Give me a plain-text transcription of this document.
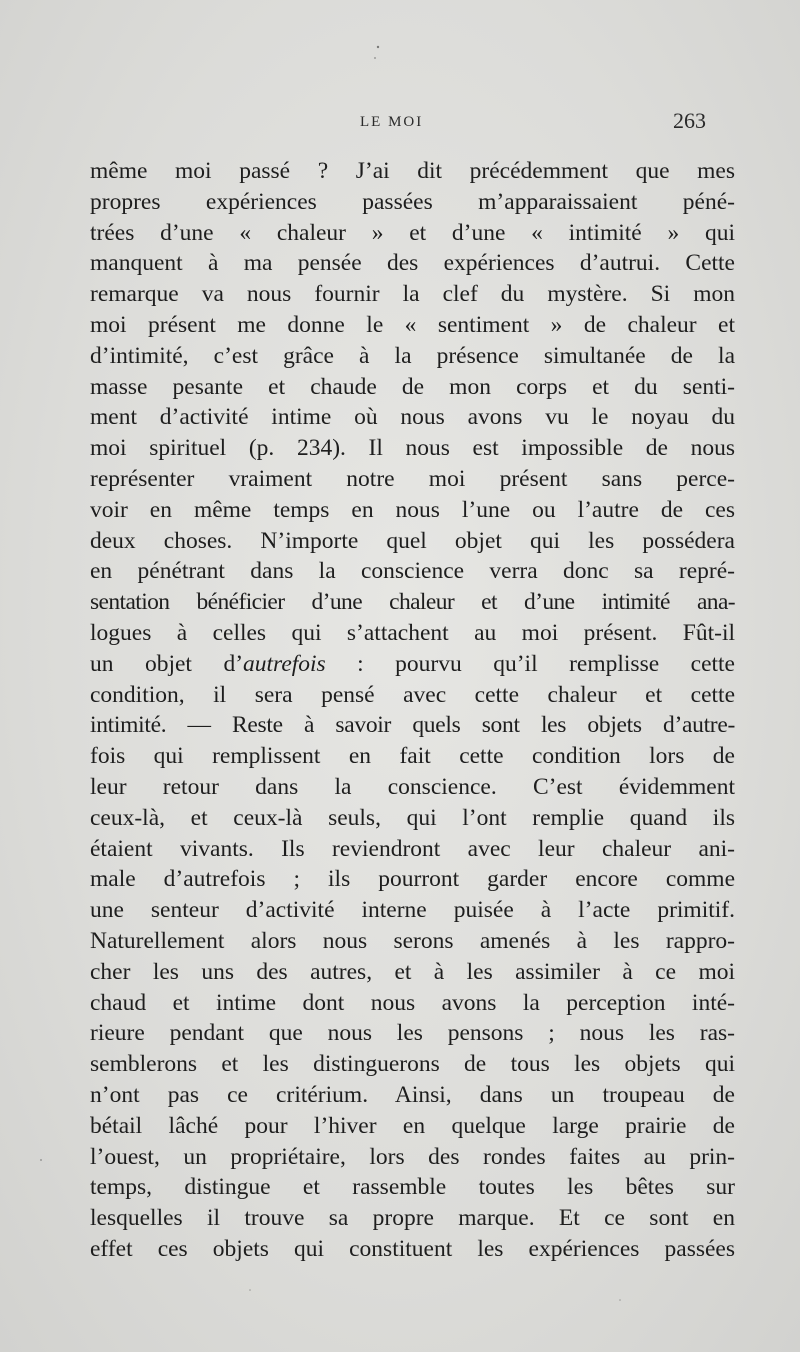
LE MOI	263
même moi passé ? J’ai dit précédemment que mes
propres expériences passées m’apparaissaient péné-
trées d’une « chaleur » et d’une « intimité » qui
manquent à ma pensée des expériences d’autrui. Cette
remarque va nous fournir la clef du mystère. Si mon
moi présent me donne le « sentiment » de chaleur et
d’intimité, c’est grâce à la présence simultanée de la
masse pesante et chaude de mon corps et du senti-
ment d’activité intime où nous avons vu le noyau du
moi spirituel (p. 234). Il nous est impossible de nous
représenter vraiment notre moi présent sans perce-
voir en même temps en nous l’une ou l’autre de ces
deux choses. N’importe quel objet qui les possédera
en pénétrant dans la conscience verra donc sa repré-
sentation bénéficier d’une chaleur et d’une intimité ana-
logues à celles qui s’attachent au moi présent. Fût-il
un objet d’autrefois : pourvu qu’il remplisse cette
condition, il sera pensé avec cette chaleur et cette
intimité. — Reste à savoir quels sont les objets d’autre-
fois qui remplissent en fait cette condition lors de
leur retour dans la conscience. C’est évidemment
ceux-là, et ceux-là seuls, qui l’ont remplie quand ils
étaient vivants. Ils reviendront avec leur chaleur ani-
male d’autrefois ; ils pourront garder encore comme
une senteur d’activité interne puisée à l’acte primitif.
Naturellement alors nous serons amenés à les rappro-
cher les uns des autres, et à les assimiler à ce moi
chaud et intime dont nous avons la perception inté-
rieure pendant que nous les pensons ; nous les ras-
semblerons et les distinguerons de tous les objets qui
n’ont pas ce critérium. Ainsi, dans un troupeau de
bétail lâché pour l’hiver en quelque large prairie de
l’ouest, un propriétaire, lors des rondes faites au prin-
temps, distingue et rassemble toutes les bêtes sur
lesquelles il trouve sa propre marque. Et ce sont en
effet ces objets qui constituent les expériences passées
